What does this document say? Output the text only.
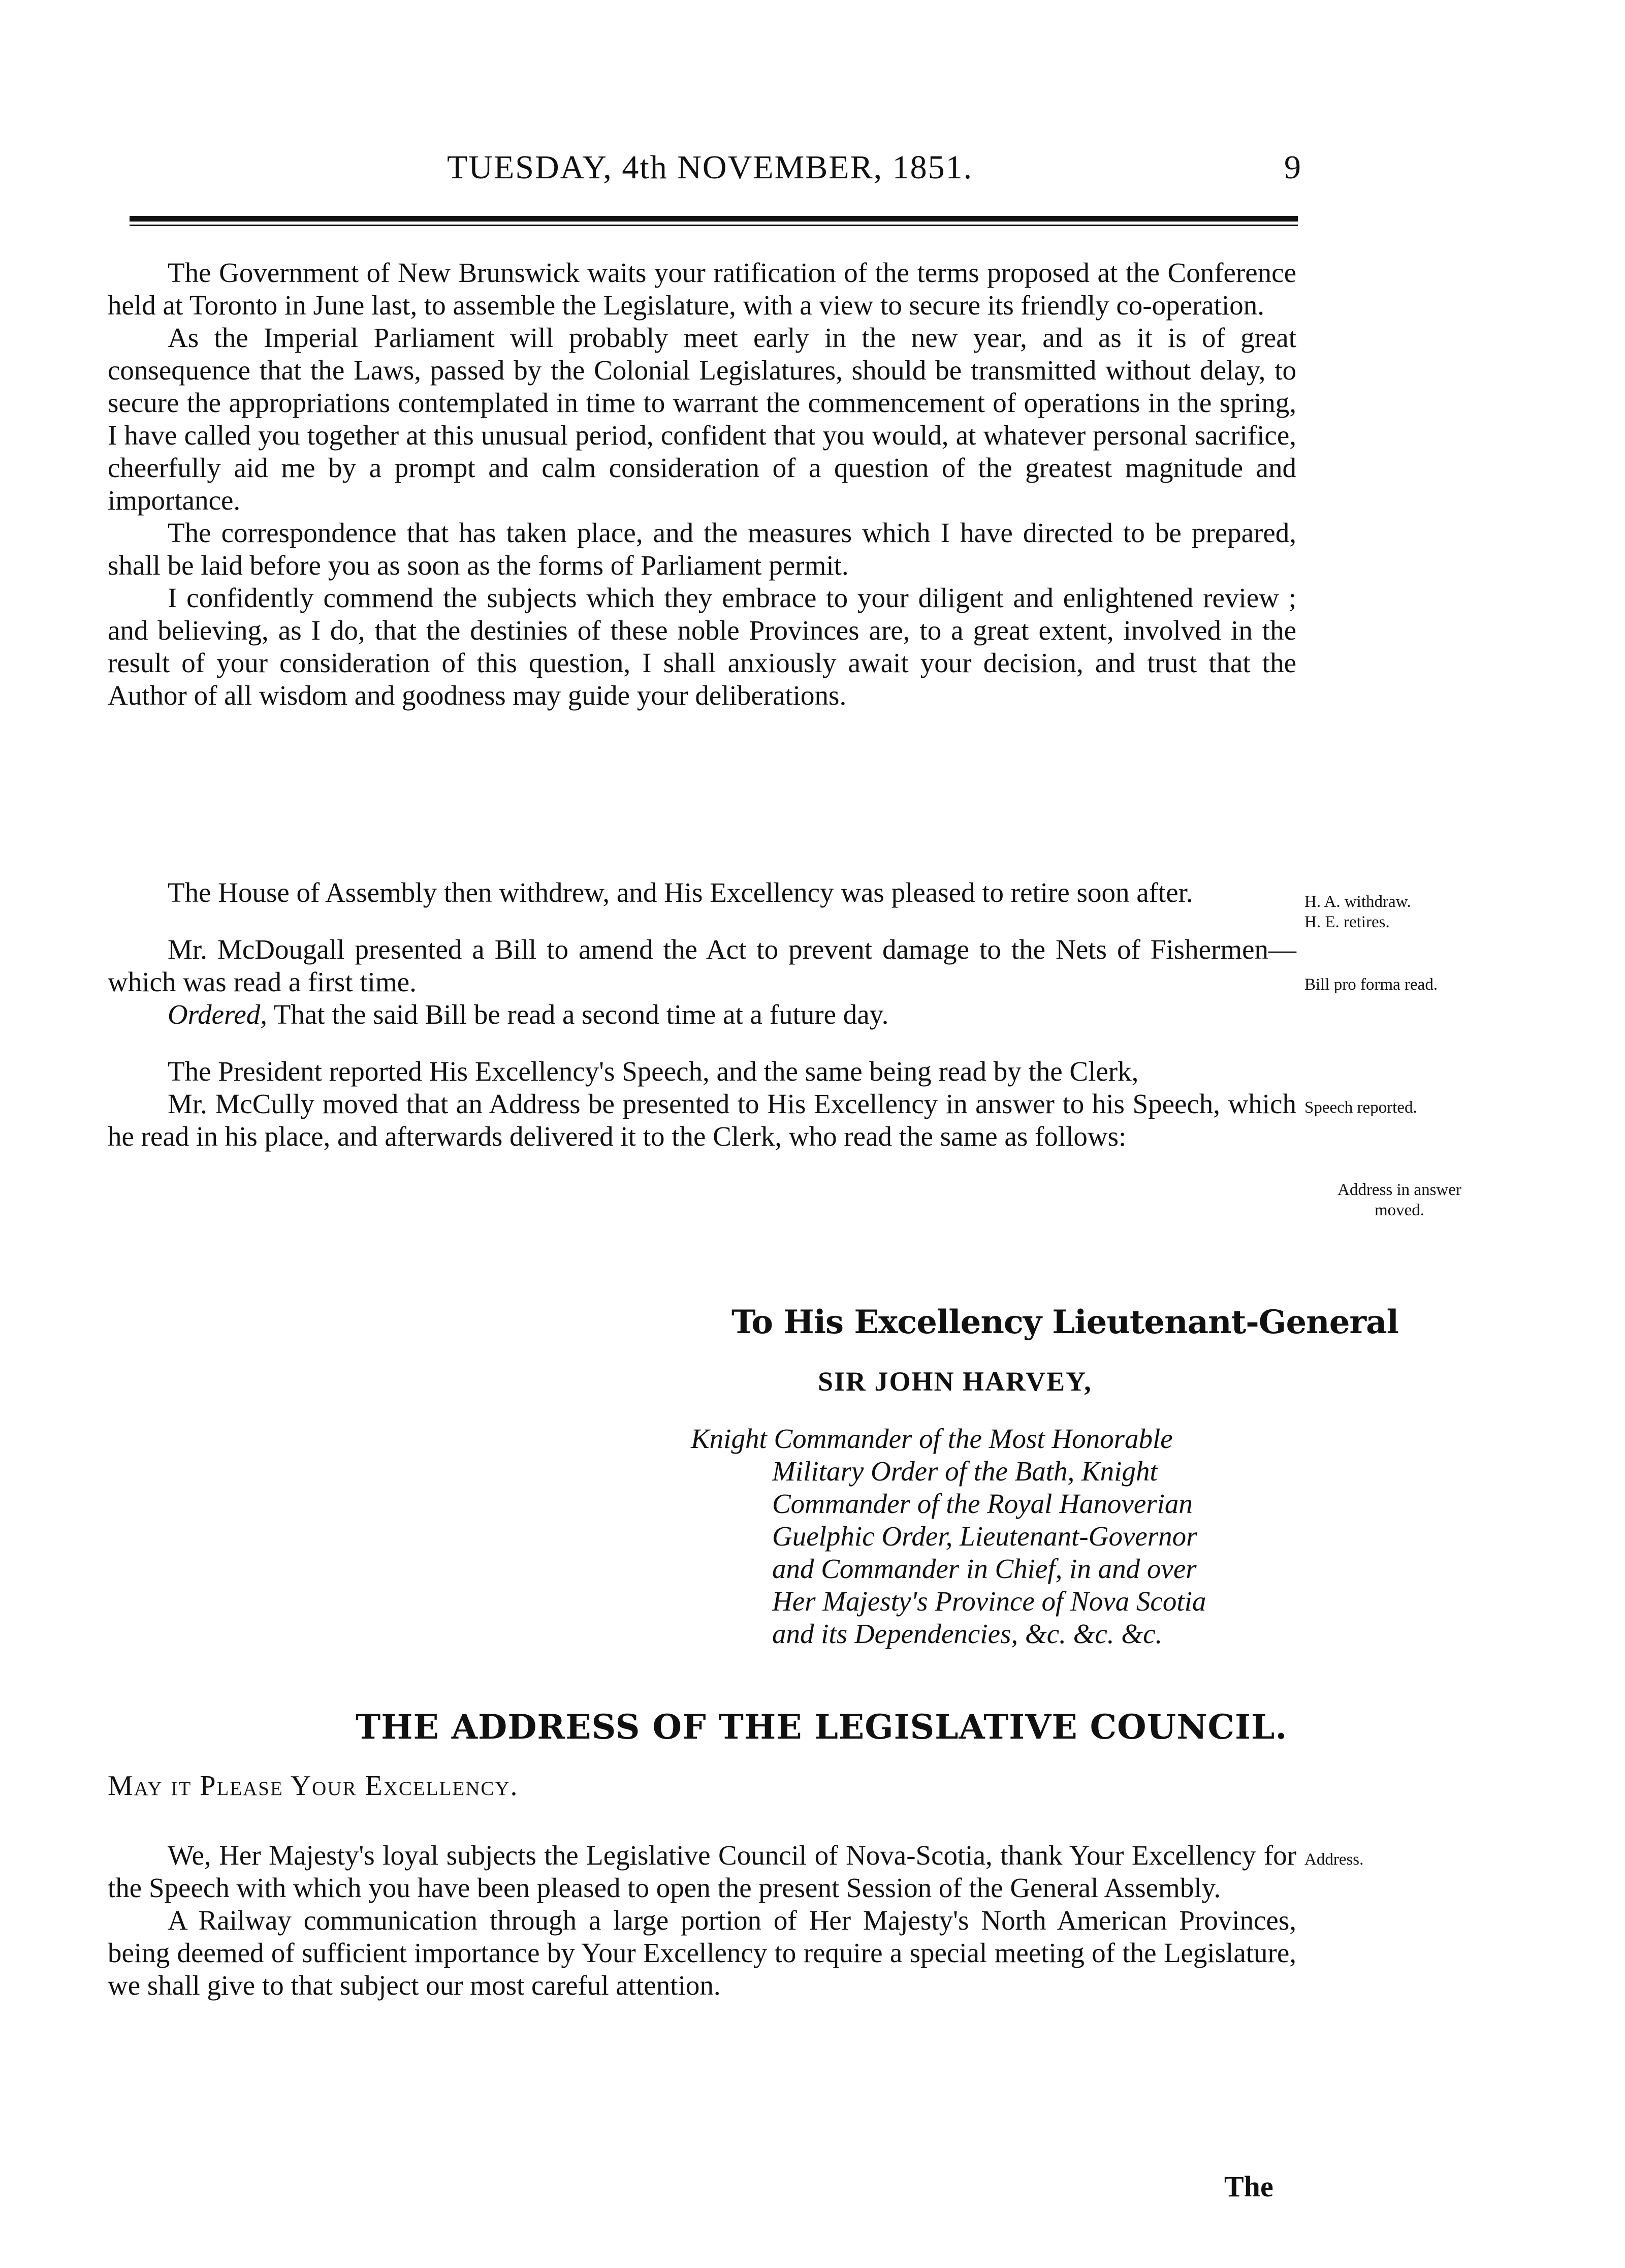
TUESDAY, 4th NOVEMBER, 1851.	9

The Government of New Brunswick waits your ratification of the terms proposed at the Conference held at Toronto in June last, to assemble the Legislature, with a view to secure its friendly co-operation.

As the Imperial Parliament will probably meet early in the new year, and as it is of great consequence that the Laws, passed by the Colonial Legislatures, should be transmitted without delay, to secure the appropriations contemplated in time to warrant the commencement of operations in the spring, I have called you together at this unusual period, confident that you would, at whatever personal sacrifice, cheerfully aid me by a prompt and calm consideration of a question of the greatest magnitude and importance.

The correspondence that has taken place, and the measures which I have directed to be prepared, shall be laid before you as soon as the forms of Parliament permit.

I confidently commend the subjects which they embrace to your diligent and enlightened review ; and believing, as I do, that the destinies of these noble Provinces are, to a great extent, involved in the result of your consideration of this question, I shall anxiously await your decision, and trust that the Author of all wisdom and goodness may guide your deliberations.

The House of Assembly then withdrew, and His Excellency was pleased to retire soon after.

Mr. McDougall presented a Bill to amend the Act to prevent damage to the Nets of Fishermen—which was read a first time.

Ordered, That the said Bill be read a second time at a future day.

The President reported His Excellency's Speech, and the same being read by the Clerk,

Mr. McCully moved that an Address be presented to His Excellency in answer to his Speech, which he read in his place, and afterwards delivered it to the Clerk, who read the same as follows:

H. A. withdraw.
H. E. retires.
Bill pro forma read.
Speech reported.
Address in answer
moved.
Address.
To His Excellency Lieutenant-General
SIR JOHN HARVEY,
Knight Commander of the Most Honorable
Military Order of the Bath, Knight
Commander of the Royal Hanoverian
Guelphic Order, Lieutenant-Governor
and Commander in Chief, in and over
Her Majesty's Province of Nova Scotia
and its Dependencies, &c. &c. &c.
THE ADDRESS OF THE LEGISLATIVE COUNCIL.
May it Please Your Excellency.

We, Her Majesty's loyal subjects the Legislative Council of Nova-Scotia, thank Your Excellency for the Speech with which you have been pleased to open the present Session of the General Assembly.

A Railway communication through a large portion of Her Majesty's North American Provinces, being deemed of sufficient importance by Your Excellency to require a special meeting of the Legislature, we shall give to that subject our most careful attention.

The
